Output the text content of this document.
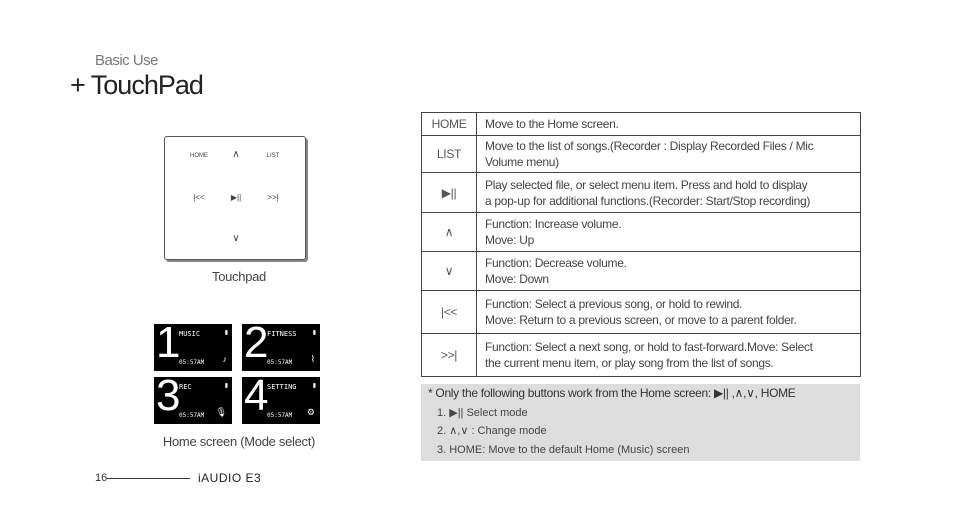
Basic Use
+ TouchPad
HOME ∧	LIST
|<<	▶||	>>|
∨
Touchpad
1
MUSIC	▮
05:57AM ♪ 2
FITNESS	▮
05:57AM ⌇
3
REC	▮
05:57AM 🎙 4
SETTING	▮
05:57AM ⚙
Home screen (Mode select)
HOME	Move to the Home screen.
LIST	Move to the list of songs.(Recorder : Display Recorded Files / Mic
Volume menu)
▶||	Play selected file, or select menu item. Press and hold to display
a pop-up for additional functions.(Recorder: Start/Stop recording)
∧	Function: Increase volume.
Move: Up
∨	Function: Decrease volume.
Move: Down
|<<	Function: Select a previous song, or hold to rewind.
Move: Return to a previous screen, or move to a parent folder.
>>|	Function: Select a next song, or hold to fast-forward.Move: Select
the current menu item, or play song from the list of songs.
* Only the following buttons work from the Home screen: ▶|| ,∧,∨, HOME
1. ▶|| Select mode
2. ∧,∨ : Change mode
3. HOME: Move to the default Home (Music) screen
16	iAUDIO E3
